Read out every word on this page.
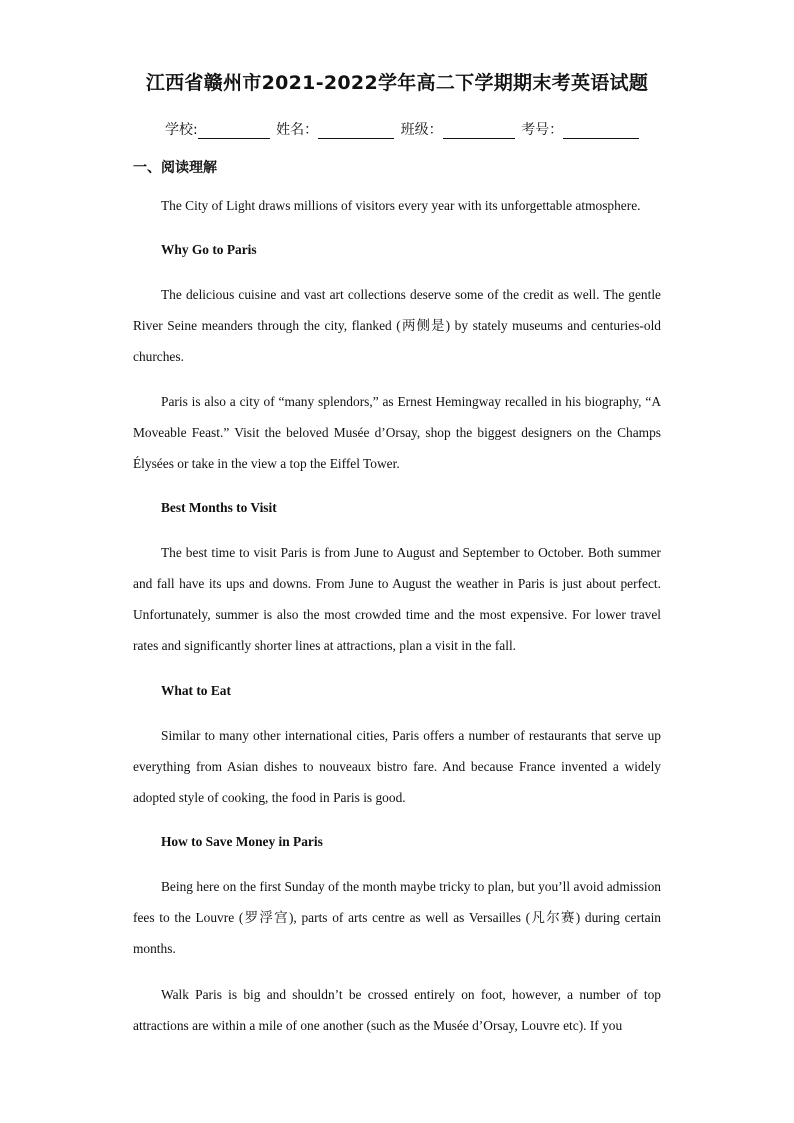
江西省赣州市2021-2022学年高二下学期期末考英语试题
学校:	姓名：	班级：	考号：
一、阅读理解
The City of Light draws millions of visitors every year with its unforgettable atmosphere.
Why Go to Paris
The delicious cuisine and vast art collections deserve some of the credit as well. The gentle River Seine meanders through the city, flanked (两侧是) by stately museums and centuries-old churches.
Paris is also a city of “many splendors,” as Ernest Hemingway recalled in his biography, “A Moveable Feast.” Visit the beloved Musée d’Orsay, shop the biggest designers on the Champs Élysées or take in the view a top the Eiffel Tower.
Best Months to Visit
The best time to visit Paris is from June to August and September to October. Both summer and fall have its ups and downs. From June to August the weather in Paris is just about perfect. Unfortunately, summer is also the most crowded time and the most expensive. For lower travel rates and significantly shorter lines at attractions, plan a visit in the fall.
What to Eat
Similar to many other international cities, Paris offers a number of restaurants that serve up everything from Asian dishes to nouveaux bistro fare. And because France invented a widely adopted style of cooking, the food in Paris is good.
How to Save Money in Paris
Being here on the first Sunday of the month maybe tricky to plan, but you’ll avoid admission fees to the Louvre (罗浮宫), parts of arts centre as well as Versailles (凡尔赛) during certain months.
Walk Paris is big and shouldn’t be crossed entirely on foot, however, a number of top attractions are within a mile of one another (such as the Musée d’Orsay, Louvre etc). If you
